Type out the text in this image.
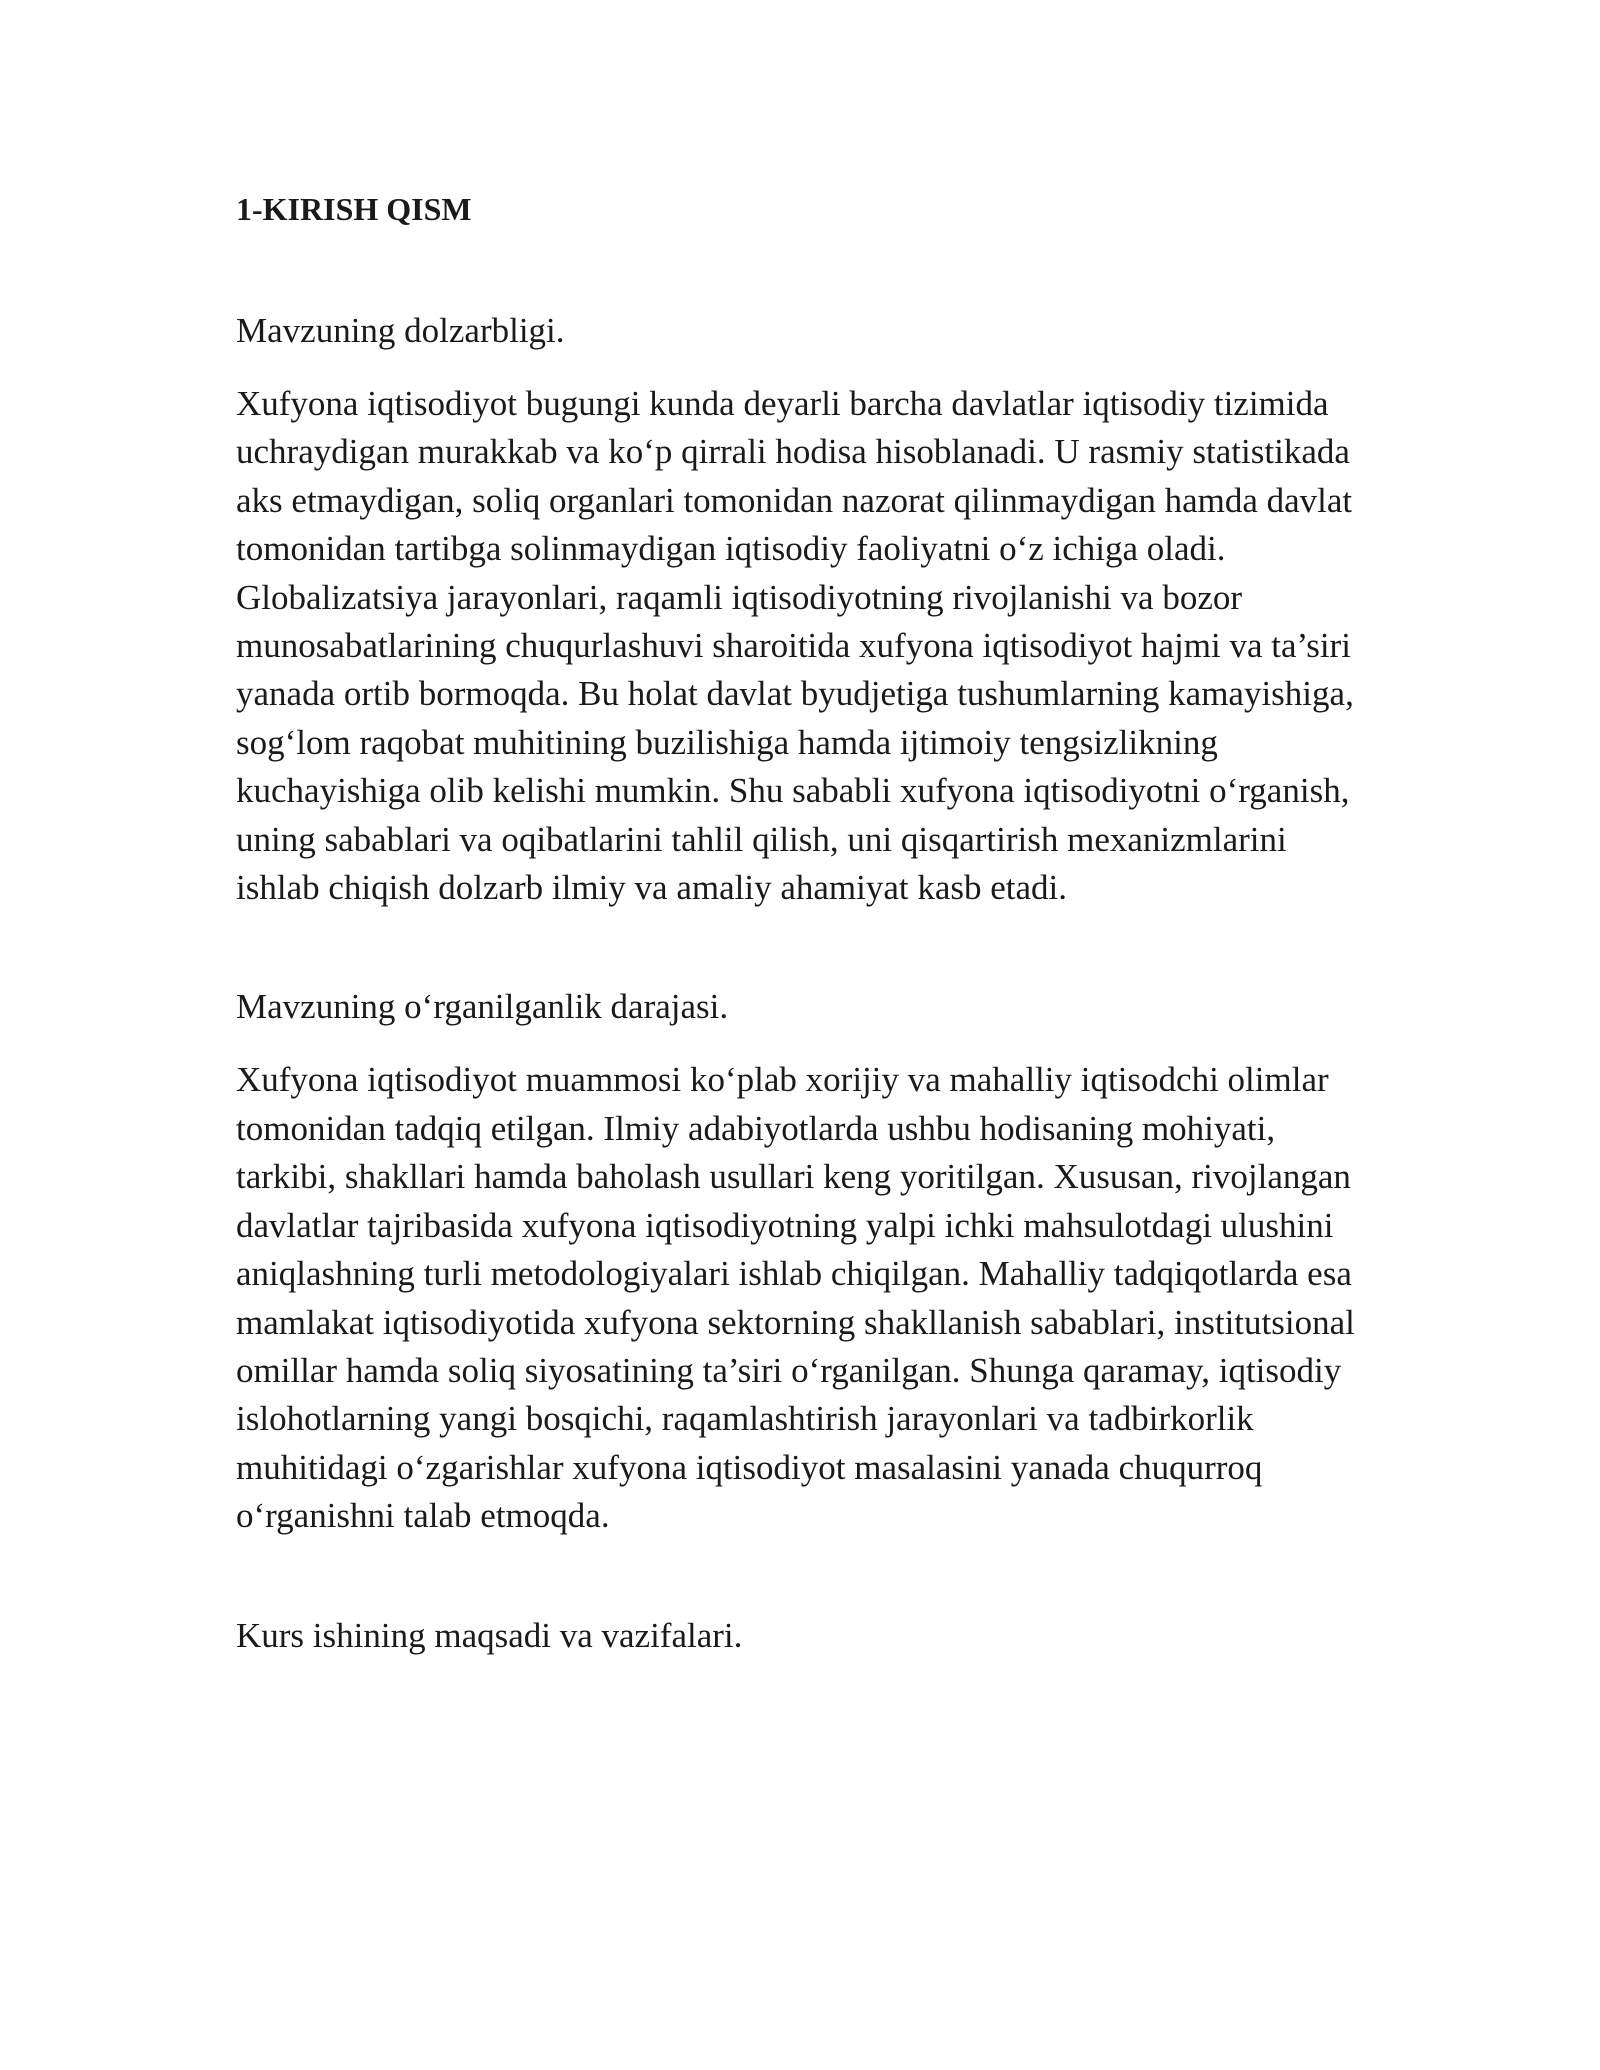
1-KIRISH QISM

Mavzuning dolzarbligi.

Xufyona iqtisodiyot bugungi kunda deyarli barcha davlatlar iqtisodiy tizimida uchraydigan murakkab va ko‘p qirrali hodisa hisoblanadi. U rasmiy statistikada aks etmaydigan, soliq organlari tomonidan nazorat qilinmaydigan hamda davlat tomonidan tartibga solinmaydigan iqtisodiy faoliyatni o‘z ichiga oladi. Globalizatsiya jarayonlari, raqamli iqtisodiyotning rivojlanishi va bozor munosabatlarining chuqurlashuvi sharoitida xufyona iqtisodiyot hajmi va ta’siri yanada ortib bormoqda. Bu holat davlat byudjetiga tushumlarning kamayishiga, sog‘lom raqobat muhitining buzilishiga hamda ijtimoiy tengsizlikning kuchayishiga olib kelishi mumkin. Shu sababli xufyona iqtisodiyotni o‘rganish, uning sabablari va oqibatlarini tahlil qilish, uni qisqartirish mexanizmlarini ishlab chiqish dolzarb ilmiy va amaliy ahamiyat kasb etadi.

Mavzuning o‘rganilganlik darajasi.

Xufyona iqtisodiyot muammosi ko‘plab xorijiy va mahalliy iqtisodchi olimlar tomonidan tadqiq etilgan. Ilmiy adabiyotlarda ushbu hodisaning mohiyati, tarkibi, shakllari hamda baholash usullari keng yoritilgan. Xususan, rivojlangan davlatlar tajribasida xufyona iqtisodiyotning yalpi ichki mahsulotdagi ulushini aniqlashning turli metodologiyalari ishlab chiqilgan. Mahalliy tadqiqotlarda esa mamlakat iqtisodiyotida xufyona sektorning shakllanish sabablari, institutsional omillar hamda soliq siyosatining ta’siri o‘rganilgan. Shunga qaramay, iqtisodiy islohotlarning yangi bosqichi, raqamlashtirish jarayonlari va tadbirkorlik muhitidagi o‘zgarishlar xufyona iqtisodiyot masalasini yanada chuqurroq o‘rganishni talab etmoqda.

Kurs ishining maqsadi va vazifalari.
